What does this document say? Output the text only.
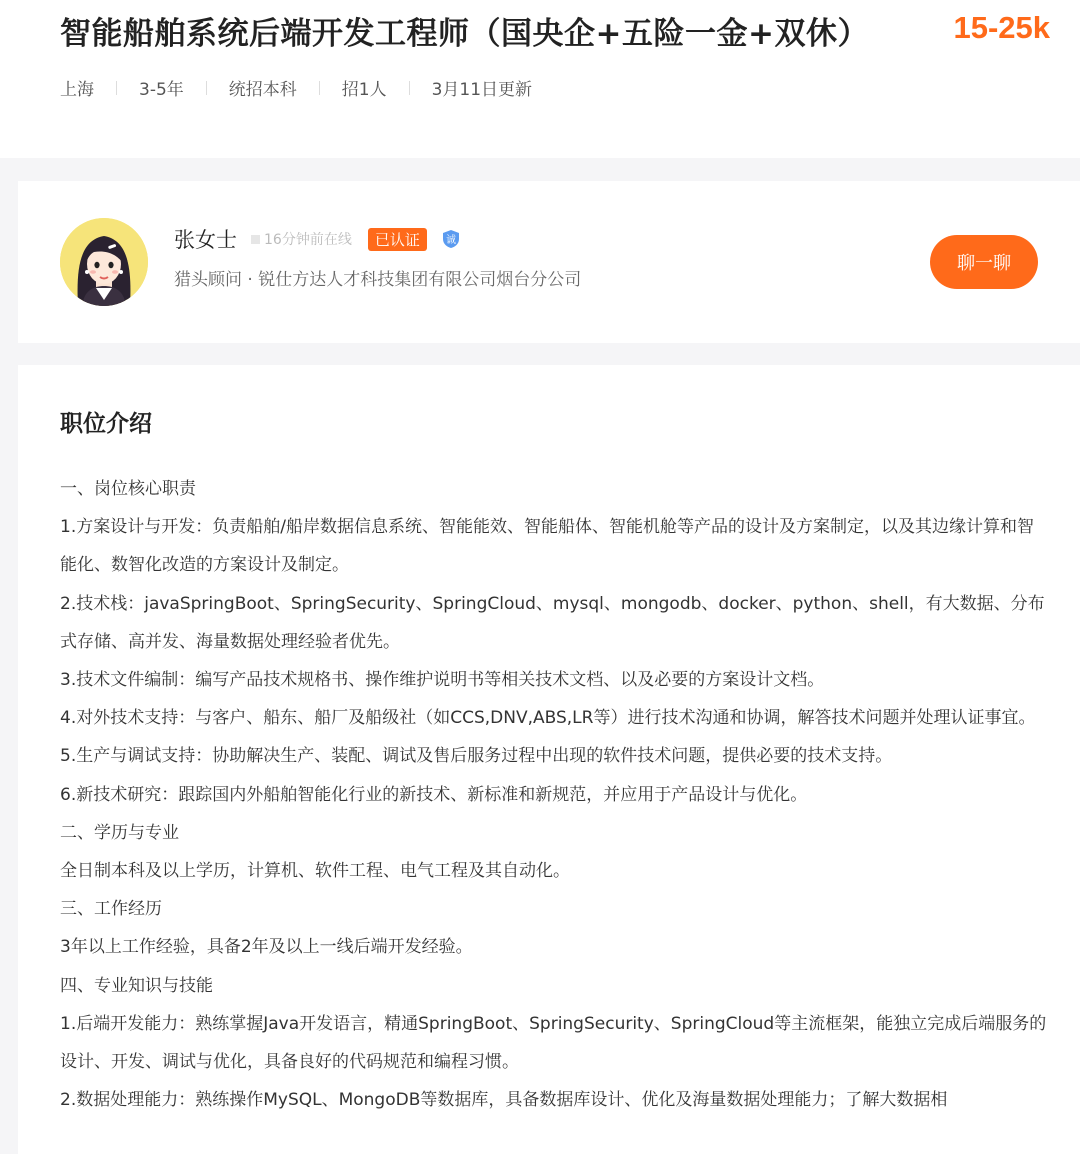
智能船舶系统后端开发工程师（国央企+五险一金+双休）	15-25k
上海	3-5年	统招本科	招1人	3月11日更新
张女士 16分钟前在线	已认证	诚
猎头顾问 · 锐仕方达人才科技集团有限公司烟台分公司
聊一聊
职位介绍

一、岗位核心职责

1.方案设计与开发：负责船舶/船岸数据信息系统、智能能效、智能船体、智能机舱等产品的设计及方案制定，以及其边缘计算和智能化、数智化改造的方案设计及制定。

2.技术栈：javaSpringBoot、SpringSecurity、SpringCloud、mysql、mongodb、docker、python、shell，有大数据、分布式存储、高并发、海量数据处理经验者优先。

3.技术文件编制：编写产品技术规格书、操作维护说明书等相关技术文档、以及必要的方案设计文档。

4.对外技术支持：与客户、船东、船厂及船级社（如CCS,DNV,ABS,LR等）进行技术沟通和协调，解答技术问题并处理认证事宜。

5.生产与调试支持：协助解决生产、装配、调试及售后服务过程中出现的软件技术问题，提供必要的技术支持。

6.新技术研究：跟踪国内外船舶智能化行业的新技术、新标准和新规范，并应用于产品设计与优化。

二、学历与专业

全日制本科及以上学历，计算机、软件工程、电气工程及其自动化。

三、工作经历

3年以上工作经验，具备2年及以上一线后端开发经验。

四、专业知识与技能

1.后端开发能力：熟练掌握Java开发语言，精通SpringBoot、SpringSecurity、SpringCloud等主流框架，能独立完成后端服务的设计、开发、调试与优化，具备良好的代码规范和编程习惯。

2.数据处理能力：熟练操作MySQL、MongoDB等数据库，具备数据库设计、优化及海量数据处理能力；了解大数据相
